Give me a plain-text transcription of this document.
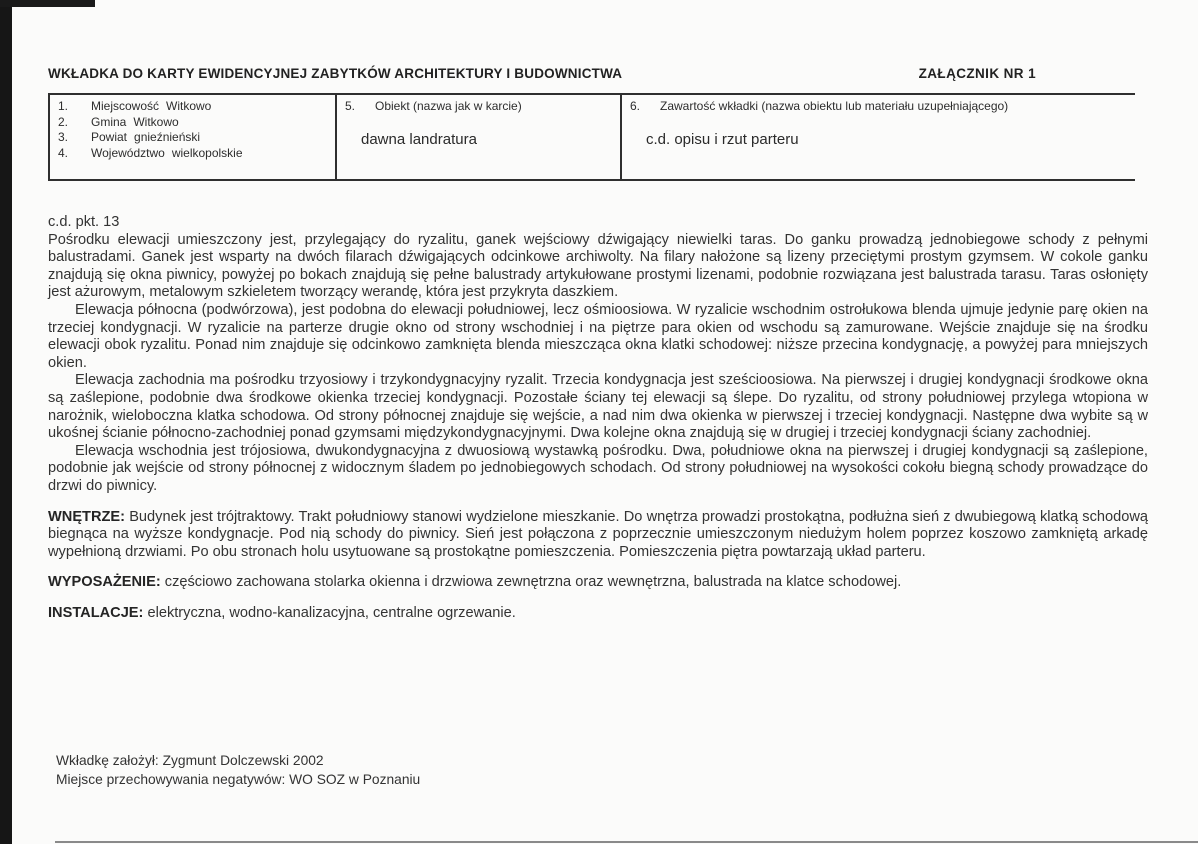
WKŁADKA DO KARTY EWIDENCYJNEJ ZABYTKÓW ARCHITEKTURY I BUDOWNICTWA	ZAŁĄCZNIK NR 1
1. Miejscowość Witkowo
2. Gmina Witkowo
3. Powiat gnieźnieński
4. Województwo wielkopolskie

5. Obiekt (nazwa jak w karcie)
dawna landratura

6. Zawartość wkładki (nazwa obiektu lub materiału uzupełniającego)
c.d. opisu i rzut parteru

c.d. pkt. 13

Pośrodku elewacji umieszczony jest, przylegający do ryzalitu, ganek wejściowy dźwigający niewielki taras. Do ganku prowadzą jednobiegowe schody z pełnymi balustradami. Ganek jest wsparty na dwóch filarach dźwigających odcinkowe archiwolty. Na filary nałożone są lizeny przeciętymi prostym gzymsem. W cokole ganku znajdują się okna piwnicy, powyżej po bokach znajdują się pełne balustrady artykułowane prostymi lizenami, podobnie rozwiązana jest balustrada tarasu. Taras osłonięty jest ażurowym, metalowym szkieletem tworzący werandę, która jest przykryta daszkiem.

Elewacja północna (podwórzowa), jest podobna do elewacji południowej, lecz ośmioosiowa. W ryzalicie wschodnim ostrołukowa blenda ujmuje jedynie parę okien na trzeciej kondygnacji. W ryzalicie na parterze drugie okno od strony wschodniej i na piętrze para okien od wschodu są zamurowane. Wejście znajduje się na środku elewacji obok ryzalitu. Ponad nim znajduje się odcinkowo zamknięta blenda mieszcząca okna klatki schodowej: niższe przecina kondygnację, a powyżej para mniejszych okien.

Elewacja zachodnia ma pośrodku trzyosiowy i trzykondygnacyjny ryzalit. Trzecia kondygnacja jest sześcioosiowa. Na pierwszej i drugiej kondygnacji środkowe okna są zaślepione, podobnie dwa środkowe okienka trzeciej kondygnacji. Pozostałe ściany tej elewacji są ślepe. Do ryzalitu, od strony południowej przylega wtopiona w narożnik, wieloboczna klatka schodowa. Od strony północnej znajduje się wejście, a nad nim dwa okienka w pierwszej i trzeciej kondygnacji. Następne dwa wybite są w ukośnej ścianie północno-zachodniej ponad gzymsami międzykondygnacyjnymi. Dwa kolejne okna znajdują się w drugiej i trzeciej kondygnacji ściany zachodniej.

Elewacja wschodnia jest trójosiowa, dwukondygnacyjna z dwuosiową wystawką pośrodku. Dwa, południowe okna na pierwszej i drugiej kondygnacji są zaślepione, podobnie jak wejście od strony północnej z widocznym śladem po jednobiegowych schodach. Od strony południowej na wysokości cokołu biegną schody prowadzące do drzwi do piwnicy.

WNĘTRZE: Budynek jest trójtraktowy. Trakt południowy stanowi wydzielone mieszkanie. Do wnętrza prowadzi prostokątna, podłużna sień z dwubiegową klatką schodową biegnąca na wyższe kondygnacje. Pod nią schody do piwnicy. Sień jest połączona z poprzecznie umieszczonym niedużym holem poprzez koszowo zamkniętą arkadę wypełnioną drzwiami. Po obu stronach holu usytuowane są prostokątne pomieszczenia. Pomieszczenia piętra powtarzają układ parteru.

WYPOSAŻENIE: częściowo zachowana stolarka okienna i drzwiowa zewnętrzna oraz wewnętrzna, balustrada na klatce schodowej.

INSTALACJE: elektryczna, wodno-kanalizacyjna, centralne ogrzewanie.

Wkładkę założył: Zygmunt Dolczewski 2002
Miejsce przechowywania negatywów: WO SOZ w Poznaniu
